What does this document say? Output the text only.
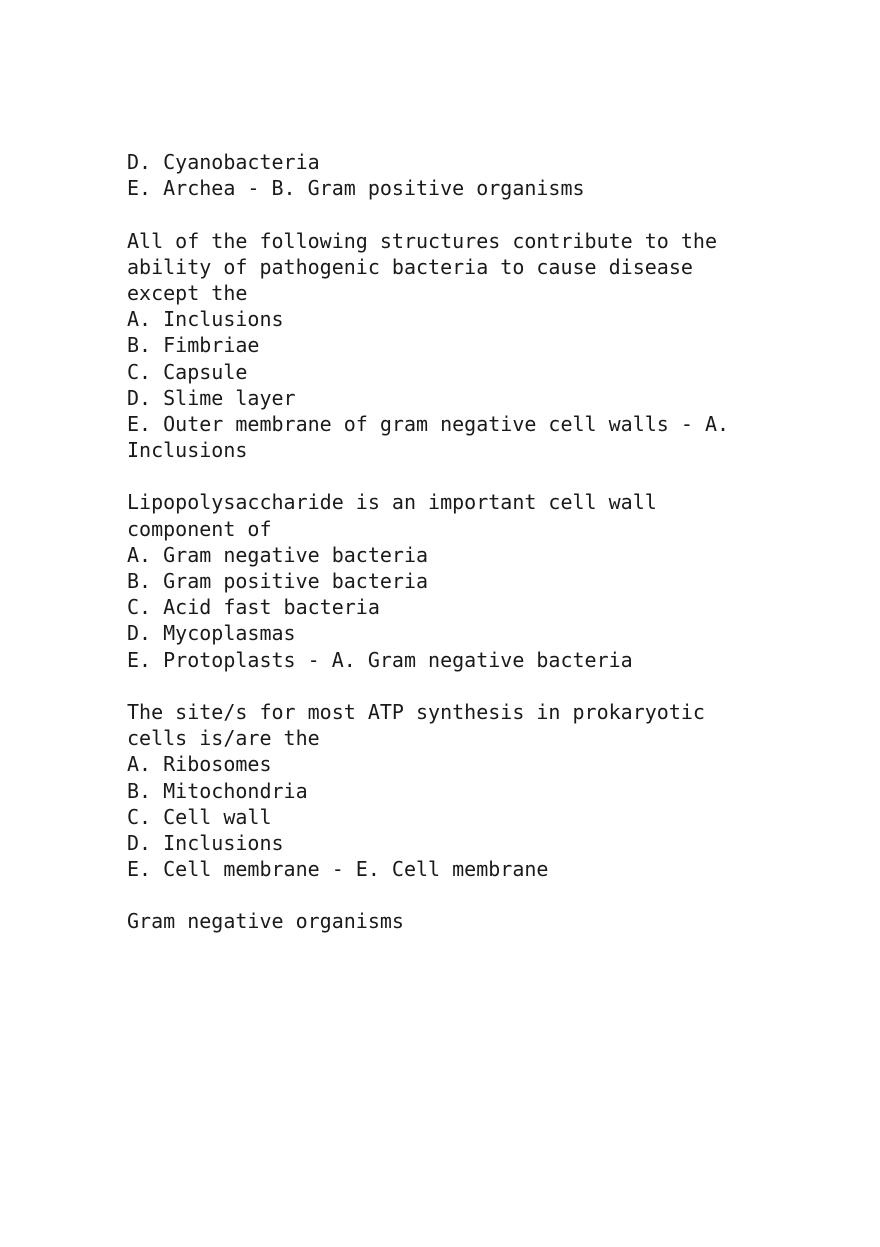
D. Cyanobacteria
E. Archea - B. Gram positive organisms
All of the following structures contribute to the
ability of pathogenic bacteria to cause disease
except the
A. Inclusions
B. Fimbriae
C. Capsule
D. Slime layer
E. Outer membrane of gram negative cell walls - A.
Inclusions
Lipopolysaccharide is an important cell wall
component of
A. Gram negative bacteria
B. Gram positive bacteria
C. Acid fast bacteria
D. Mycoplasmas
E. Protoplasts - A. Gram negative bacteria
The site/s for most ATP synthesis in prokaryotic
cells is/are the
A. Ribosomes
B. Mitochondria
C. Cell wall
D. Inclusions
E. Cell membrane - E. Cell membrane
Gram negative organisms
